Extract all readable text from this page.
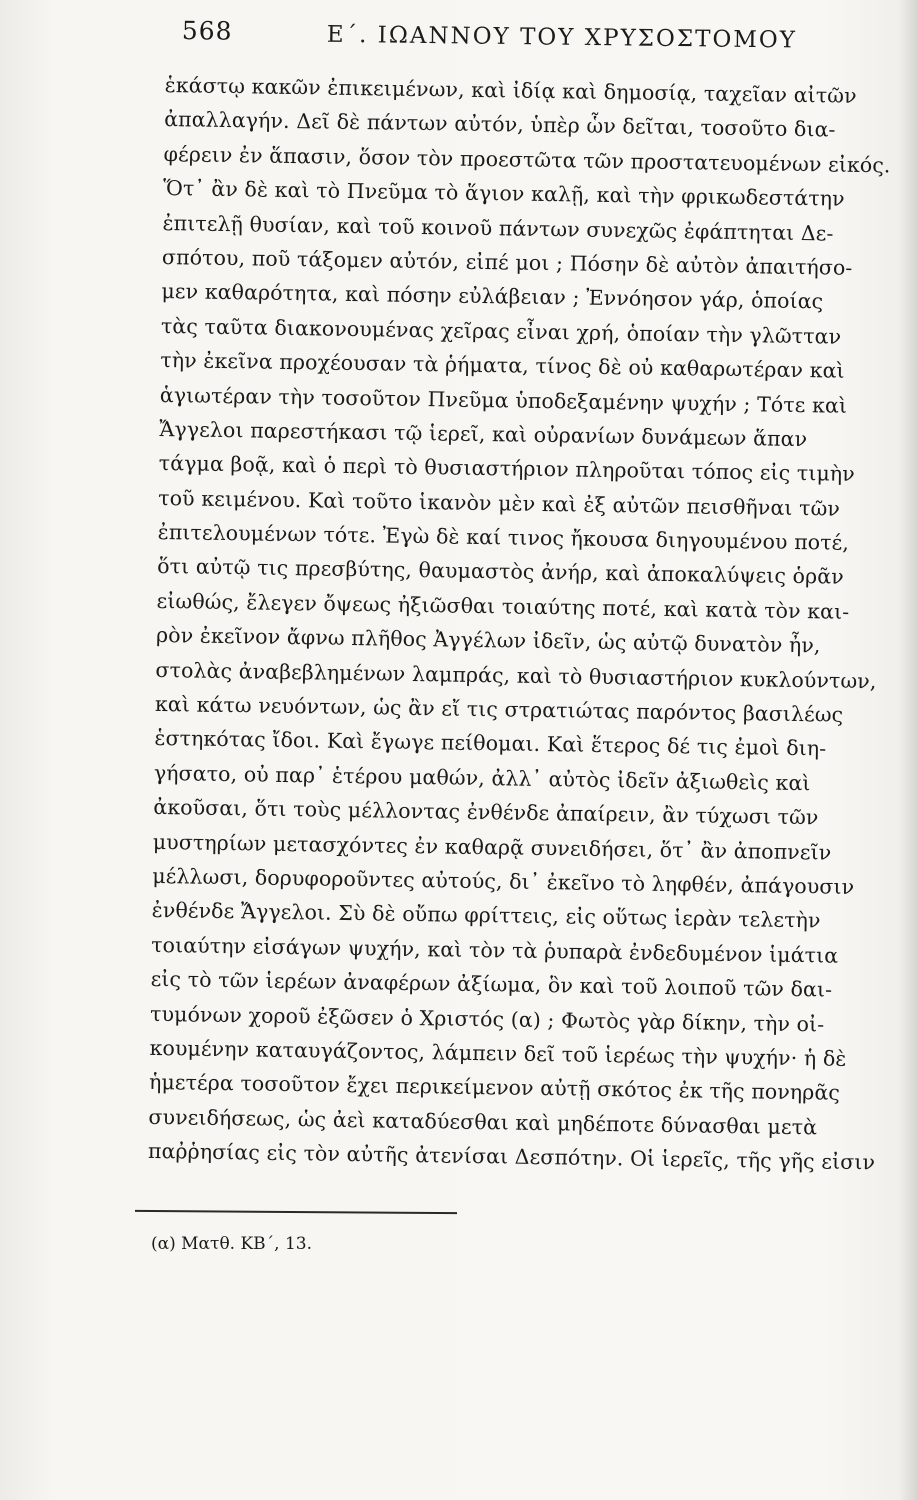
568	Ε΄. ΙΩΑΝΝΟΥ ΤΟΥ ΧΡΥΣΟΣΤΟΜΟΥ
ἑκάστῳ κακῶν ἐπικειμένων, καὶ ἰδίᾳ καὶ δημοσίᾳ, ταχεῖαν αἰτῶν
ἀπαλλαγήν. Δεῖ δὲ πάντων αὐτόν, ὑπὲρ ὧν δεῖται, τοσοῦτο δια-
φέρειν ἐν ἅπασιν, ὅσον τὸν προεστῶτα τῶν προστατευομένων εἰκός.
Ὅτ᾽ ἂν δὲ καὶ τὸ Πνεῦμα τὸ ἅγιον καλῇ, καὶ τὴν φρικωδεστάτην
ἐπιτελῇ θυσίαν, καὶ τοῦ κοινοῦ πάντων συνεχῶς ἐφάπτηται Δε-
σπότου, ποῦ τάξομεν αὐτόν, εἰπέ μοι ; Πόσην δὲ αὐτὸν ἀπαιτήσο-
μεν καθαρότητα, καὶ πόσην εὐλάβειαν ; Ἐννόησον γάρ, ὁποίας
τὰς ταῦτα διακονουμένας χεῖρας εἶναι χρή, ὁποίαν τὴν γλῶτταν
τὴν ἐκεῖνα προχέουσαν τὰ ῥήματα, τίνος δὲ οὐ καθαρωτέραν καὶ
ἁγιωτέραν τὴν τοσοῦτον Πνεῦμα ὑποδεξαμένην ψυχήν ; Τότε καὶ
Ἄγγελοι παρεστήκασι τῷ ἱερεῖ, καὶ οὐρανίων δυνάμεων ἅπαν
τάγμα βοᾷ, καὶ ὁ περὶ τὸ θυσιαστήριον πληροῦται τόπος εἰς τιμὴν
τοῦ κειμένου. Καὶ τοῦτο ἱκανὸν μὲν καὶ ἐξ αὐτῶν πεισθῆναι τῶν
ἐπιτελουμένων τότε. Ἐγὼ δὲ καί τινος ἤκουσα διηγουμένου ποτέ,
ὅτι αὐτῷ τις πρεσβύτης, θαυμαστὸς ἀνήρ, καὶ ἀποκαλύψεις ὁρᾶν
εἰωθώς, ἔλεγεν ὄψεως ἠξιῶσθαι τοιαύτης ποτέ, καὶ κατὰ τὸν και-
ρὸν ἐκεῖνον ἄφνω πλῆθος Ἀγγέλων ἰδεῖν, ὡς αὐτῷ δυνατὸν ἦν,
στολὰς ἀναβεβλημένων λαμπράς, καὶ τὸ θυσιαστήριον κυκλούντων,
καὶ κάτω νευόντων, ὡς ἂν εἴ τις στρατιώτας παρόντος βασιλέως
ἑστηκότας ἴδοι. Καὶ ἔγωγε πείθομαι. Καὶ ἕτερος δέ τις ἐμοὶ διη-
γήσατο, οὐ παρ᾽ ἑτέρου μαθών, ἀλλ᾽ αὐτὸς ἰδεῖν ἀξιωθεὶς καὶ
ἀκοῦσαι, ὅτι τοὺς μέλλοντας ἐνθένδε ἀπαίρειν, ἂν τύχωσι τῶν
μυστηρίων μετασχόντες ἐν καθαρᾷ συνειδήσει, ὅτ᾽ ἂν ἀποπνεῖν
μέλλωσι, δορυφοροῦντες αὐτούς, δι᾽ ἐκεῖνο τὸ ληφθέν, ἀπάγουσιν
ἐνθένδε Ἄγγελοι. Σὺ δὲ οὔπω φρίττεις, εἰς οὕτως ἱερὰν τελετὴν
τοιαύτην εἰσάγων ψυχήν, καὶ τὸν τὰ ῥυπαρὰ ἐνδεδυμένον ἱμάτια
εἰς τὸ τῶν ἱερέων ἀναφέρων ἀξίωμα, ὃν καὶ τοῦ λοιποῦ τῶν δαι-
τυμόνων χοροῦ ἐξῶσεν ὁ Χριστός (α) ; Φωτὸς γὰρ δίκην, τὴν οἰ-
κουμένην καταυγάζοντος, λάμπειν δεῖ τοῦ ἱερέως τὴν ψυχήν· ἡ δὲ
ἡμετέρα τοσοῦτον ἔχει περικείμενον αὐτῇ σκότος ἐκ τῆς πονηρᾶς
συνειδήσεως, ὡς ἀεὶ καταδύεσθαι καὶ μηδέποτε δύνασθαι μετὰ
παῤῥησίας εἰς τὸν αὐτῆς ἀτενίσαι Δεσπότην. Οἱ ἱερεῖς, τῆς γῆς εἰσιν
(α) Ματθ. ΚΒ΄, 13.
